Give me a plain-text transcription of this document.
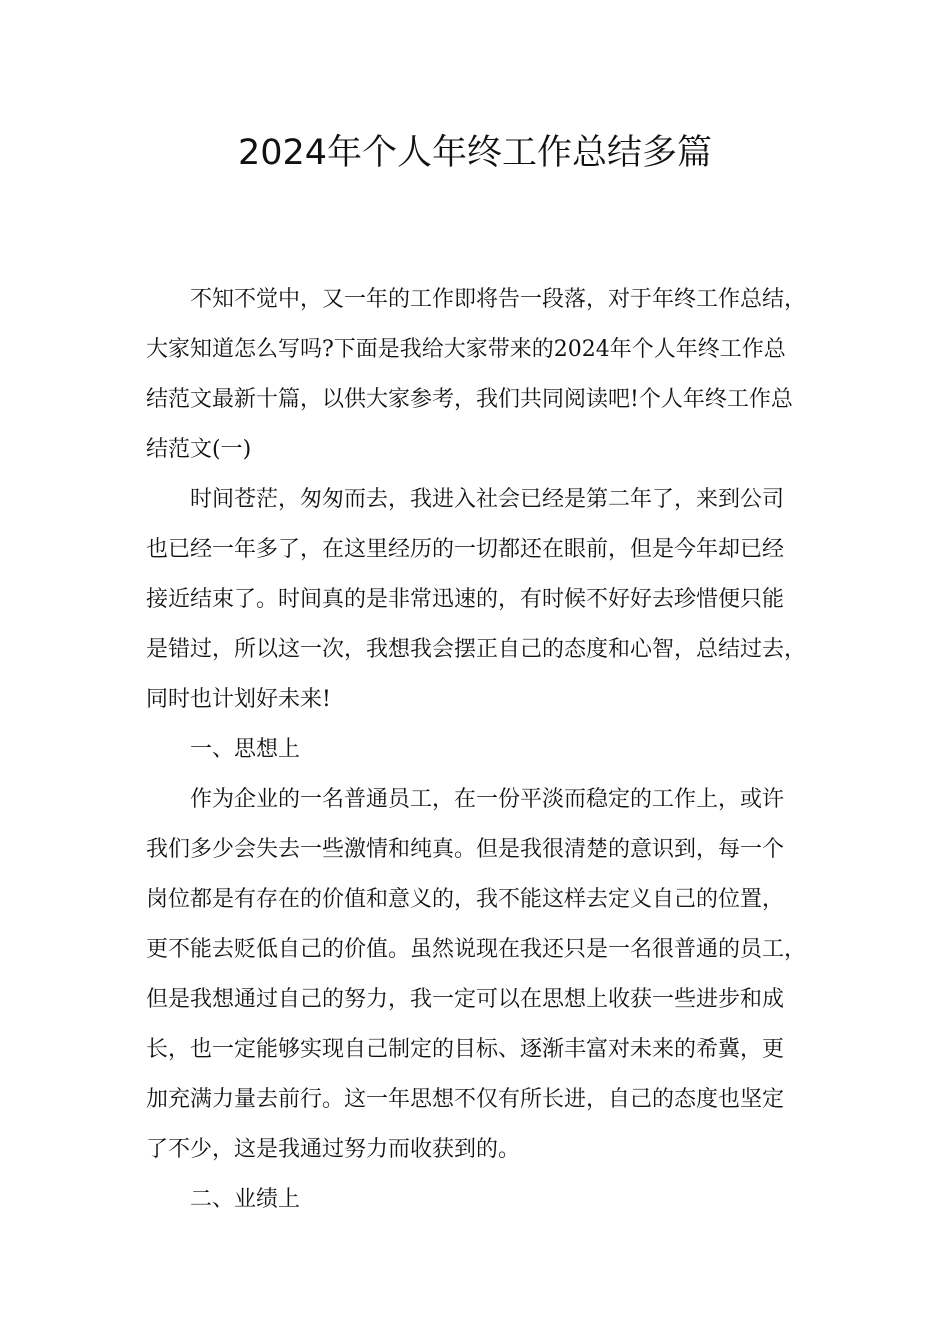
2024年个人年终工作总结多篇
不知不觉中，又一年的工作即将告一段落，对于年终工作总结，
大家知道怎么写吗?下面是我给大家带来的2024年个人年终工作总
结范文最新十篇，以供大家参考，我们共同阅读吧!个人年终工作总
结范文(一)
时间苍茫，匆匆而去，我进入社会已经是第二年了，来到公司
也已经一年多了，在这里经历的一切都还在眼前，但是今年却已经
接近结束了。时间真的是非常迅速的，有时候不好好去珍惜便只能
是错过，所以这一次，我想我会摆正自己的态度和心智，总结过去，
同时也计划好未来!
一、思想上
作为企业的一名普通员工，在一份平淡而稳定的工作上，或许
我们多少会失去一些激情和纯真。但是我很清楚的意识到，每一个
岗位都是有存在的价值和意义的，我不能这样去定义自己的位置，
更不能去贬低自己的价值。虽然说现在我还只是一名很普通的员工，
但是我想通过自己的努力，我一定可以在思想上收获一些进步和成
长，也一定能够实现自己制定的目标、逐渐丰富对未来的希冀，更
加充满力量去前行。这一年思想不仅有所长进，自己的态度也坚定
了不少，这是我通过努力而收获到的。
二、业绩上
